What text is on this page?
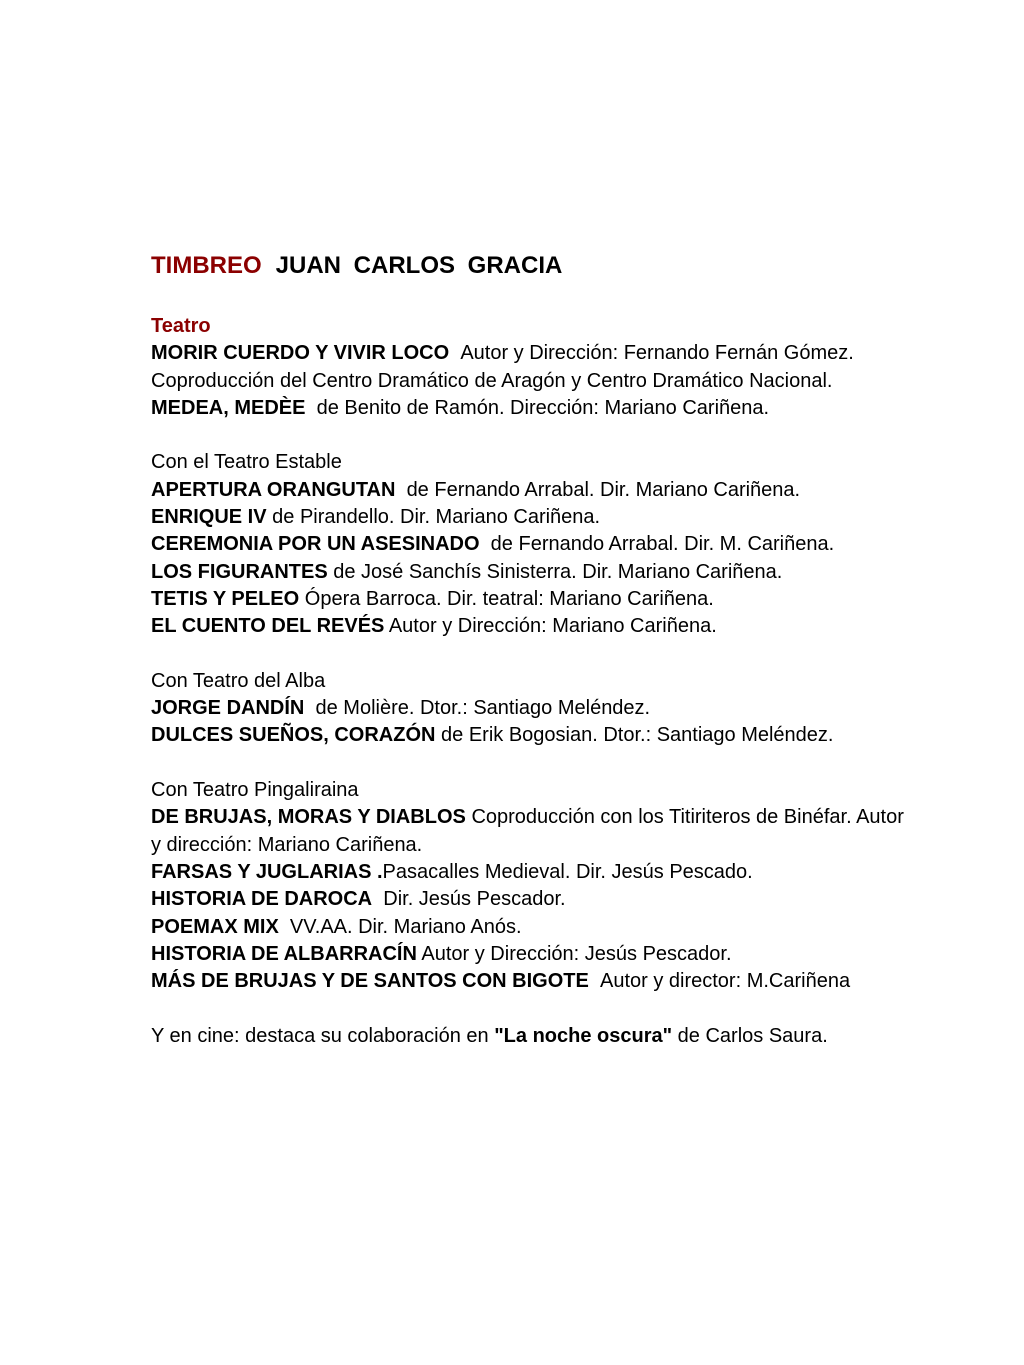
TIMBREO JUAN CARLOS GRACIA
Teatro

MORIR CUERDO Y VIVIR LOCO Autor y Dirección: Fernando Fernán Gómez. Coproducción del Centro Dramático de Aragón y Centro Dramático Nacional.

MEDEA, MEDÈE de Benito de Ramón. Dirección: Mariano Cariñena.

Con el Teatro Estable

APERTURA ORANGUTAN de Fernando Arrabal. Dir. Mariano Cariñena.

ENRIQUE IV de Pirandello. Dir. Mariano Cariñena.

CEREMONIA POR UN ASESINADO de Fernando Arrabal. Dir. M. Cariñena.

LOS FIGURANTES de José Sanchís Sinisterra. Dir. Mariano Cariñena.

TETIS Y PELEO Ópera Barroca. Dir. teatral: Mariano Cariñena.

EL CUENTO DEL REVÉS Autor y Dirección: Mariano Cariñena.

Con Teatro del Alba

JORGE DANDÍN de Molière. Dtor.: Santiago Meléndez.

DULCES SUEÑOS, CORAZÓN de Erik Bogosian. Dtor.: Santiago Meléndez.

Con Teatro Pingaliraina

DE BRUJAS, MORAS Y DIABLOS Coproducción con los Titiriteros de Binéfar. Autor y dirección: Mariano Cariñena.

FARSAS Y JUGLARIAS .Pasacalles Medieval. Dir. Jesús Pescado.

HISTORIA DE DAROCA Dir. Jesús Pescador.

POEMAX MIX VV.AA. Dir. Mariano Anós.

HISTORIA DE ALBARRACÍN Autor y Dirección: Jesús Pescador.

MÁS DE BRUJAS Y DE SANTOS CON BIGOTE Autor y director: M.Cariñena

Y en cine: destaca su colaboración en "La noche oscura" de Carlos Saura.
